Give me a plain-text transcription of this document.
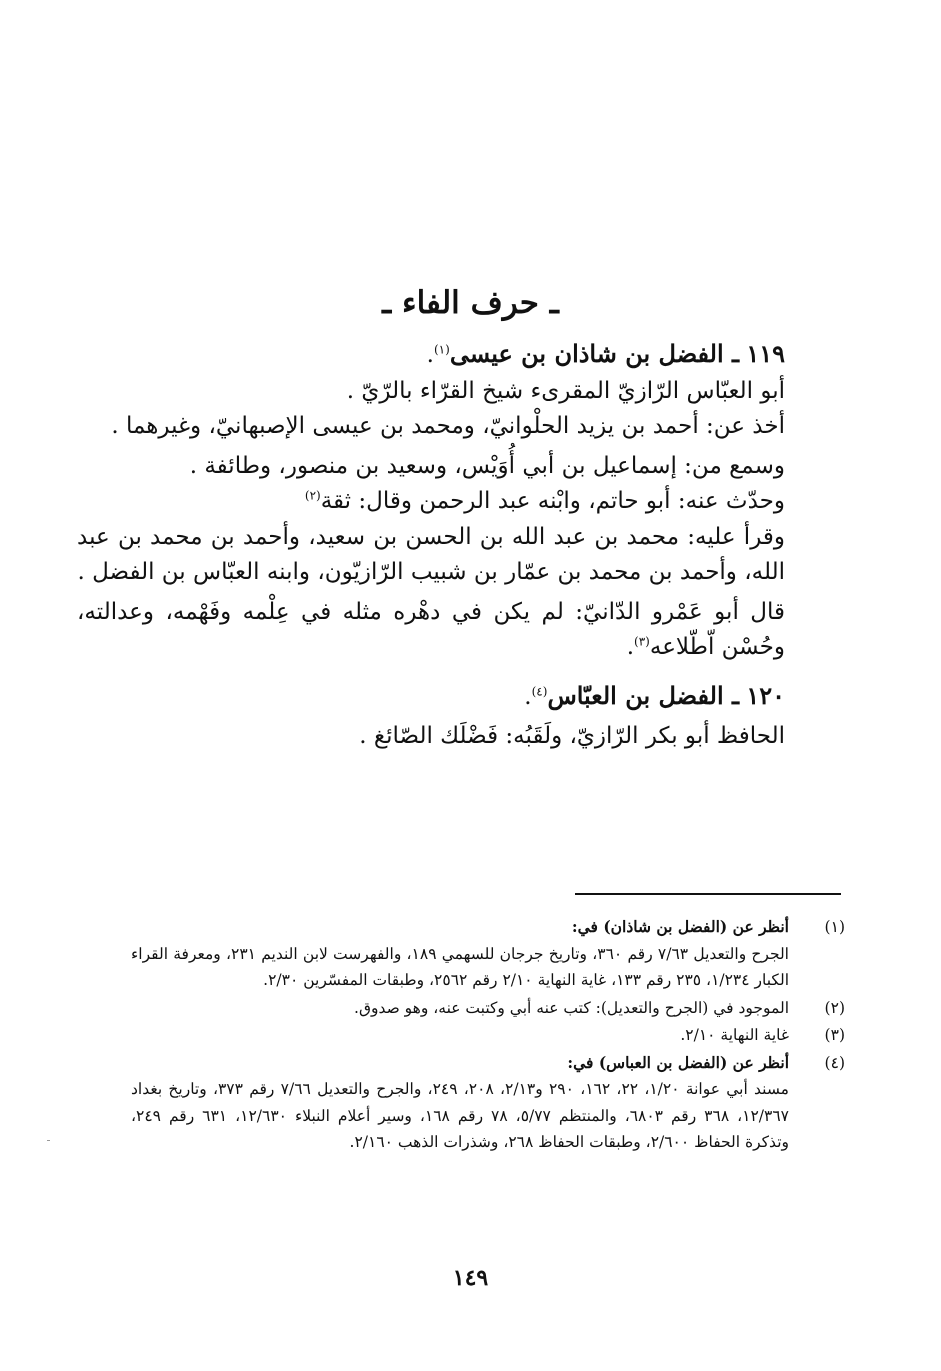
ـ حرف الفاء ـ

١١٩ ـ الفضل بن شاذان بن عيسى$^{(١)}$.

أبو العبّاس الرّازيّ المقرىء شيخ القرّاء بالرّيّ .

أخذ عن: أحمد بن يزيد الحلْوانيّ، ومحمد بن عيسى الإصبهانيّ، وغيرهما .

وسمع من: إسماعيل بن أبي أُوَيْس، وسعيد بن منصور، وطائفة .

وحدّث عنه: أبو حاتم، وابْنه عبد الرحمن وقال: ثقة$^{(٢)}$

وقرأ عليه: محمد بن عبد الله بن الحسن بن سعيد، وأحمد بن محمد بن عبد الله، وأحمد بن محمد بن عمّار بن شبيب الرّازيّون، وابنه العبّاس بن الفضل .

قال أبو عَمْرو الدّانيّ: لم يكن في دهْره مثله في عِلْمه وفَهْمه، وعدالته، وحُسْن اّطّلاعه$^{(٣)}$.

١٢٠ ـ الفضل بن العبّاس$^{(٤)}$.

الحافظ أبو بكر الرّازيّ، ولَقَبُه: فَضْلَك الصّائغ .

(١)
أنظر عن (الفضل بن شاذان) في:
الجرح والتعديل ٧/٦٣ رقم ٣٦٠، وتاريخ جرجان للسهمي ١٨٩، والفهرست لابن النديم ٢٣١، ومعرفة القراء الكبار ١/٢٣٤، ٢٣٥ رقم ١٣٣، غاية النهاية ٢/١٠ رقم ٢٥٦٢، وطبقات المفسّرين ٢/٣٠.
(٢)
الموجود في (الجرح والتعديل): كتب عنه أبي وكتبت عنه، وهو صدوق.
(٣)
غاية النهاية ٢/١٠.
(٤)
أنظر عن (الفضل بن العباس) في:
مسند أبي عوانة ١/٢٠، ٢٢، ١٦٢، ٢٩٠ و٢/١٣، ٢٠٨، ٢٤٩، والجرح والتعديل ٧/٦٦ رقم ٣٧٣، وتاريخ بغداد ١٢/٣٦٧، ٣٦٨ رقم ٦٨٠٣، والمنتظم ٥/٧٧، ٧٨ رقم ١٦٨، وسير أعلام النبلاء ١٢/٦٣٠، ٦٣١ رقم ٢٤٩، وتذكرة الحفاظ ٢/٦٠٠، وطبقات الحفاظ ٢٦٨، وشذرات الذهب ٢/١٦٠.
١٤٩
